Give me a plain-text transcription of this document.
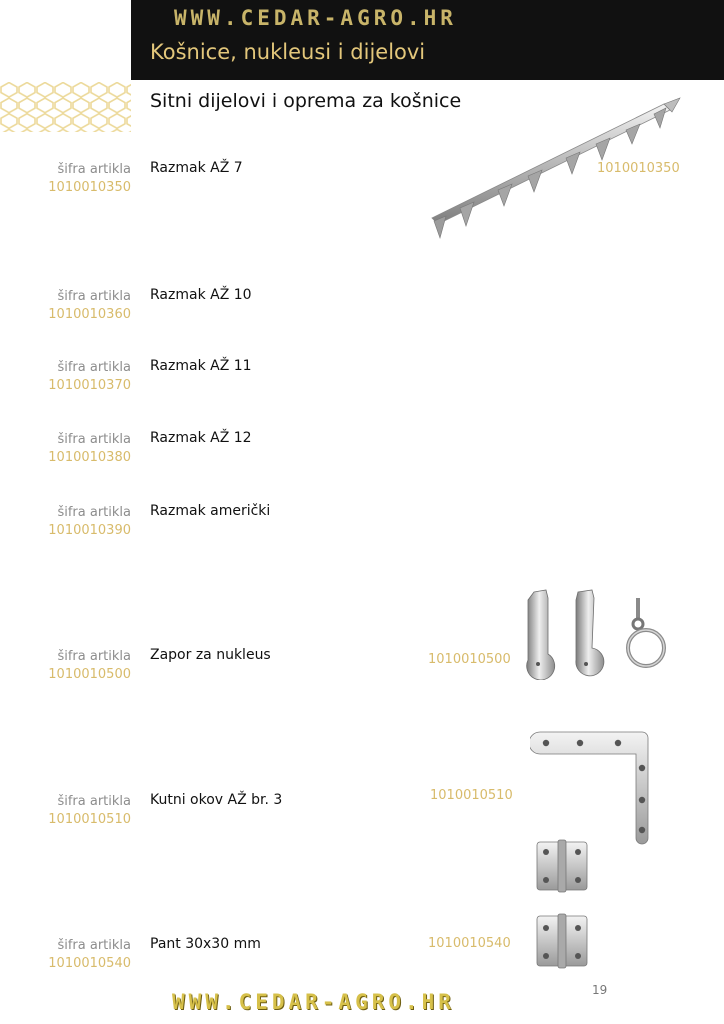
WWW.CEDAR-AGRO.HR
Košnice, nukleusi i dijelovi
Sitni dijelovi i oprema za košnice
šifra artikla
1010010350
Razmak AŽ 7
šifra artikla
1010010360
Razmak AŽ 10
šifra artikla
1010010370
Razmak AŽ 11
šifra artikla
1010010380
Razmak AŽ 12
šifra artikla
1010010390
Razmak američki
šifra artikla
1010010500
Zapor za nukleus
šifra artikla
1010010510
Kutni okov AŽ br. 3
šifra artikla
1010010540
Pant 30x30 mm
1010010350
1010010500
1010010510
1010010540
19
WWW.CEDAR-AGRO.HR
